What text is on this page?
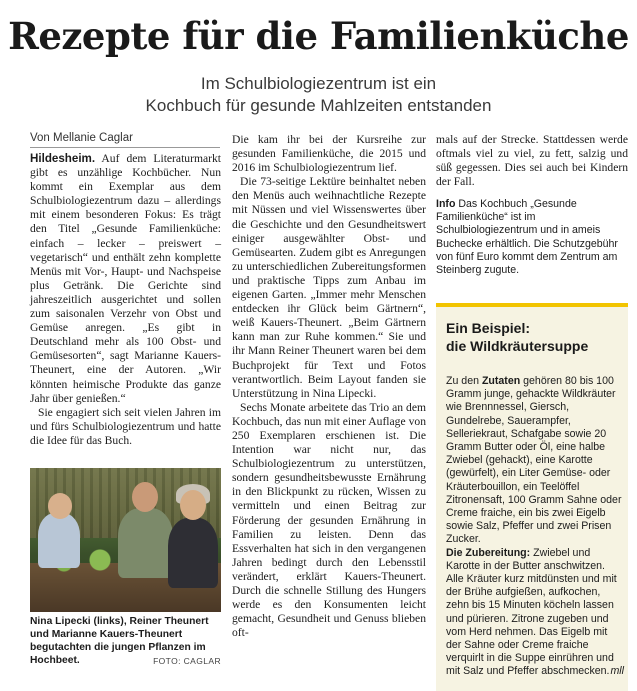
Rezepte für die Familienküche
Im Schulbiologiezentrum ist ein
Kochbuch für gesunde Mahlzeiten entstanden
Von Mellanie Caglar

Hildesheim. Auf dem Literaturmarkt gibt es unzählige Kochbücher. Nun kommt ein Exemplar aus dem Schulbiologiezentrum dazu – allerdings mit einem besonderen Fokus: Es trägt den Titel „Gesunde Familienküche: einfach – lecker – preiswert – vegetarisch“ und enthält zehn komplette Menüs mit Vor-, Haupt- und Nachspeise plus Getränk. Die Gerichte sind jahreszeitlich ausgerichtet und sollen zum saisonalen Verzehr von Obst und Gemüse anregen. „Es gibt in Deutschland mehr als 100 Obst- und Gemüsesorten“, sagt Marianne Kauers-Theunert, eine der Autoren. „Wir könnten heimische Produkte das ganze Jahr über genießen.“

Sie engagiert sich seit vielen Jahren im und fürs Schulbiologiezentrum und hatte die Idee für das Buch.

Nina Lipecki (links), Reiner Theunert und Marianne Kauers-Theunert begutachten die jungen Pflanzen im Hochbeet.	FOTO: CAGLAR

Die kam ihr bei der Kursreihe zur gesunden Familienküche, die 2015 und 2016 im Schulbiologiezentrum lief.

Die 73-seitige Lektüre beinhaltet neben den Menüs auch weihnachtliche Rezepte mit Nüssen und viel Wissenswertes über die Geschichte und den Gesundheitswert einiger ausgewählter Obst- und Gemüsearten. Zudem gibt es Anregungen zu unterschiedlichen Zubereitungsformen und praktische Tipps zum Anbau im eigenen Garten. „Immer mehr Menschen entdecken ihr Glück beim Gärtnern“, weiß Kauers-Theunert. „Beim Gärtnern kann man zur Ruhe kommen.“ Sie und ihr Mann Reiner Theunert waren bei dem Buchprojekt für Text und Fotos verantwortlich. Beim Layout fanden sie Unterstützung in Nina Lipecki.

Sechs Monate arbeitete das Trio an dem Kochbuch, das nun mit einer Auflage von 250 Exemplaren erschienen ist. Die Intention war nicht nur, das Schulbiologiezentrum zu unterstützen, sondern gesundheitsbewusste Ernährung in den Blickpunkt zu rücken, Wissen zu vermitteln und einen Beitrag zur Förderung der gesunden Ernährung in Familien zu leisten. Denn das Essverhalten hat sich in den vergangenen Jahren bedingt durch den Lebensstil verändert, erklärt Kauers-Theunert. Durch die schnelle Stillung des Hungers werde es den Konsumenten leicht gemacht, Gesundheit und Genuss blieben oft-

mals auf der Strecke. Stattdessen werde oftmals viel zu viel, zu fett, salzig und süß gegessen. Dies sei auch bei Kindern der Fall.

Info Das Kochbuch „Gesunde Familienküche“ ist im Schulbiologiezentrum und in ameis Buchecke erhältlich. Die Schutzgebühr von fünf Euro kommt dem Zentrum am Steinberg zugute.
Ein Beispiel:
die Wildkräutersuppe

Zu den Zutaten gehören 80 bis 100 Gramm junge, gehackte Wildkräuter wie Brennnessel, Giersch, Gundelrebe, Sauerampfer, Selleriekraut, Schafgabe sowie 20 Gramm Butter oder Öl, eine halbe Zwiebel (gehackt), eine Karotte (gewürfelt), ein Liter Gemüse- oder Kräuterbouillon, ein Teelöffel Zitronensaft, 100 Gramm Sahne oder Creme fraiche, ein bis zwei Eigelb sowie Salz, Pfeffer und zwei Prisen Zucker.

Die Zubereitung: Zwiebel und Karotte in der Butter anschwitzen. Alle Kräuter kurz mitdünsten und mit der Brühe aufgießen, aufkochen, zehn bis 15 Minuten köcheln lassen und pürieren. Zitrone zugeben und vom Herd nehmen. Das Eigelb mit der Sahne oder Creme fraiche verquirlt in die Suppe einrühren und mit Salz und Pfeffer abschmecken. mll
